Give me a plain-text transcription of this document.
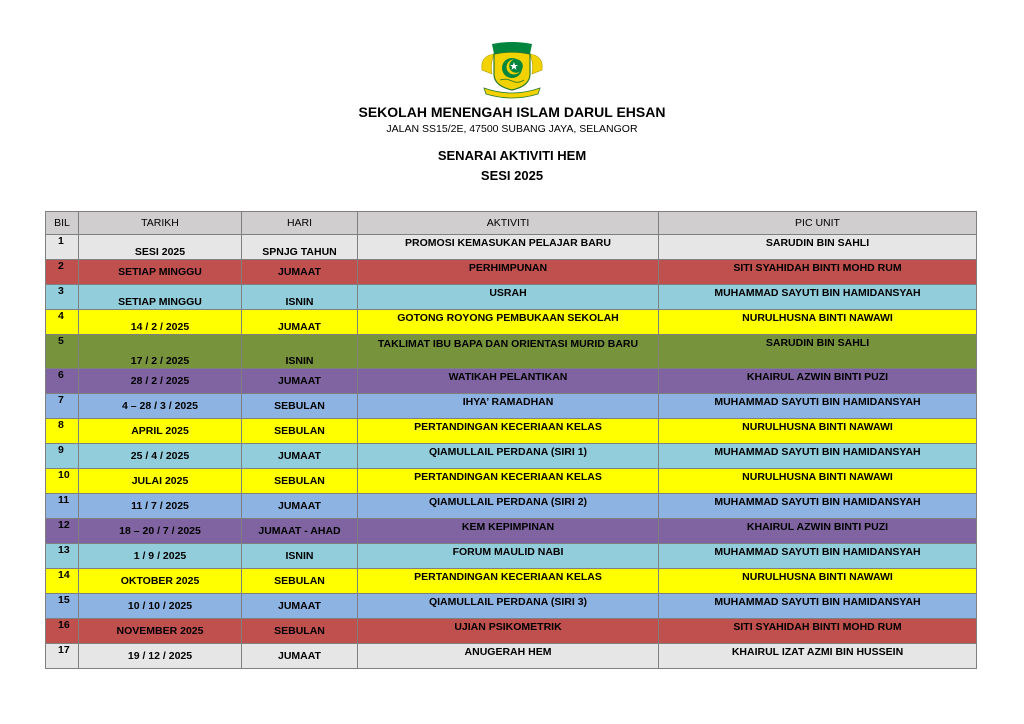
SEKOLAH MENENGAH ISLAM DARUL EHSAN
JALAN SS15/2E, 47500 SUBANG JAYA, SELANGOR
SENARAI AKTIVITI HEM
SESI 2025
BIL	TARIKH	HARI	AKTIVITI	PIC UNIT
1	SESI 2025	SPNJG TAHUN	PROMOSI KEMASUKAN PELAJAR BARU	SARUDIN BIN SAHLI
2	SETIAP MINGGU	JUMAAT	PERHIMPUNAN	SITI SYAHIDAH BINTI MOHD RUM
3	SETIAP MINGGU	ISNIN	USRAH	MUHAMMAD SAYUTI BIN HAMIDANSYAH
4	14 / 2 / 2025	JUMAAT	GOTONG ROYONG PEMBUKAAN SEKOLAH	NURULHUSNA BINTI NAWAWI
5	17 / 2 / 2025	ISNIN	TAKLIMAT IBU BAPA DAN ORIENTASI MURID BARU	SARUDIN BIN SAHLI
6	28 / 2 / 2025	JUMAAT	WATIKAH PELANTIKAN	KHAIRUL AZWIN BINTI PUZI
7	4 – 28 / 3 / 2025	SEBULAN	IHYA’ RAMADHAN	MUHAMMAD SAYUTI BIN HAMIDANSYAH
8	APRIL 2025	SEBULAN	PERTANDINGAN KECERIAAN KELAS	NURULHUSNA BINTI NAWAWI
9	25 / 4 / 2025	JUMAAT	QIAMULLAIL PERDANA (SIRI 1)	MUHAMMAD SAYUTI BIN HAMIDANSYAH
10	JULAI 2025	SEBULAN	PERTANDINGAN KECERIAAN KELAS	NURULHUSNA BINTI NAWAWI
11	11 / 7 / 2025	JUMAAT	QIAMULLAIL PERDANA (SIRI 2)	MUHAMMAD SAYUTI BIN HAMIDANSYAH
12	18 – 20 / 7 / 2025	JUMAAT - AHAD	KEM KEPIMPINAN	KHAIRUL AZWIN BINTI PUZI
13	1 / 9 / 2025	ISNIN	FORUM MAULID NABI	MUHAMMAD SAYUTI BIN HAMIDANSYAH
14	OKTOBER 2025	SEBULAN	PERTANDINGAN KECERIAAN KELAS	NURULHUSNA BINTI NAWAWI
15	10 / 10 / 2025	JUMAAT	QIAMULLAIL PERDANA (SIRI 3)	MUHAMMAD SAYUTI BIN HAMIDANSYAH
16	NOVEMBER 2025	SEBULAN	UJIAN PSIKOMETRIK	SITI SYAHIDAH BINTI MOHD RUM
17	19 / 12 / 2025	JUMAAT	ANUGERAH HEM	KHAIRUL IZAT AZMI BIN HUSSEIN
